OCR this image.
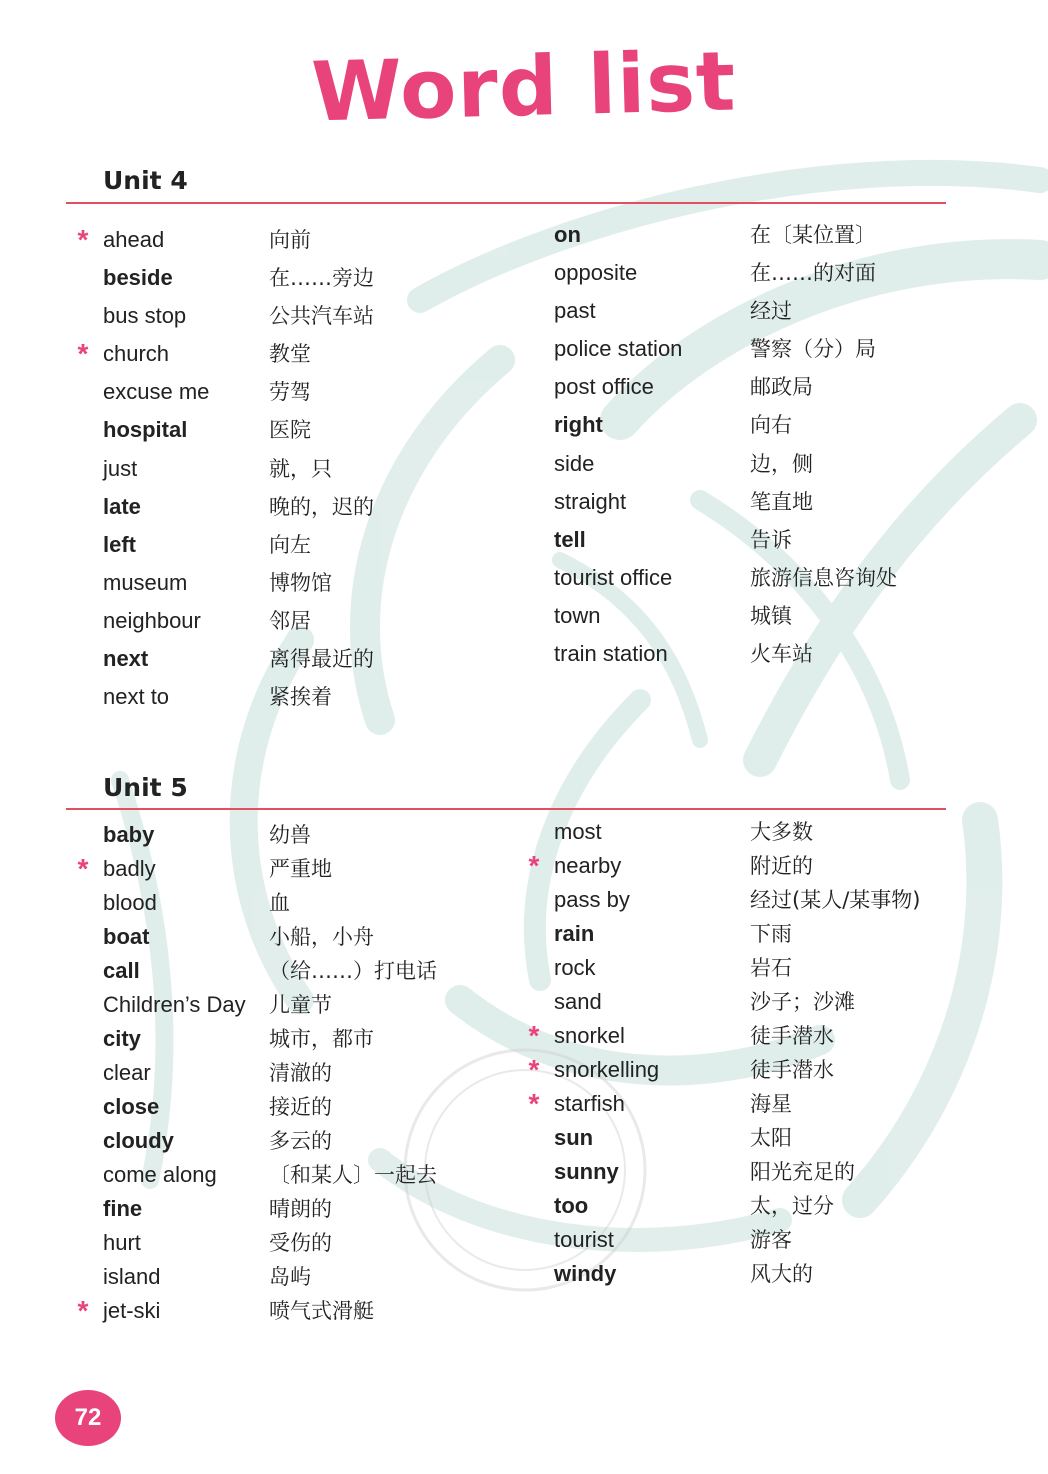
Word list
Unit 4
* ahead	向前
beside	在……旁边
bus stop	公共汽车站
* church	教堂
excuse me	劳驾
hospital	医院
just	就，只
late	晚的，迟的
left	向左
museum	博物馆
neighbour	邻居
next	离得最近的
next to	紧挨着
on	在〔某位置〕
opposite	在……的对面
past	经过
police station	警察（分）局
post office	邮政局
right	向右
side	边，侧
straight	笔直地
tell	告诉
tourist office	旅游信息咨询处
town	城镇
train station	火车站
Unit 5
baby	幼兽
* badly	严重地
blood	血
boat	小船，小舟
call	（给……）打电话
Children’s Day 儿童节
city	城市，都市
clear	清澈的
close	接近的
cloudy	多云的
come along 〔和某人〕一起去
fine	晴朗的
hurt	受伤的
island	岛屿
* jet-ski	喷气式滑艇
most	大多数
* nearby	附近的
pass by	经过(某人/某事物)
rain	下雨
rock	岩石
sand	沙子；沙滩
* snorkel	徒手潜水
* snorkelling	徒手潜水
* starfish	海星
sun	太阳
sunny	阳光充足的
too	太，过分
tourist	游客
windy	风大的
72
